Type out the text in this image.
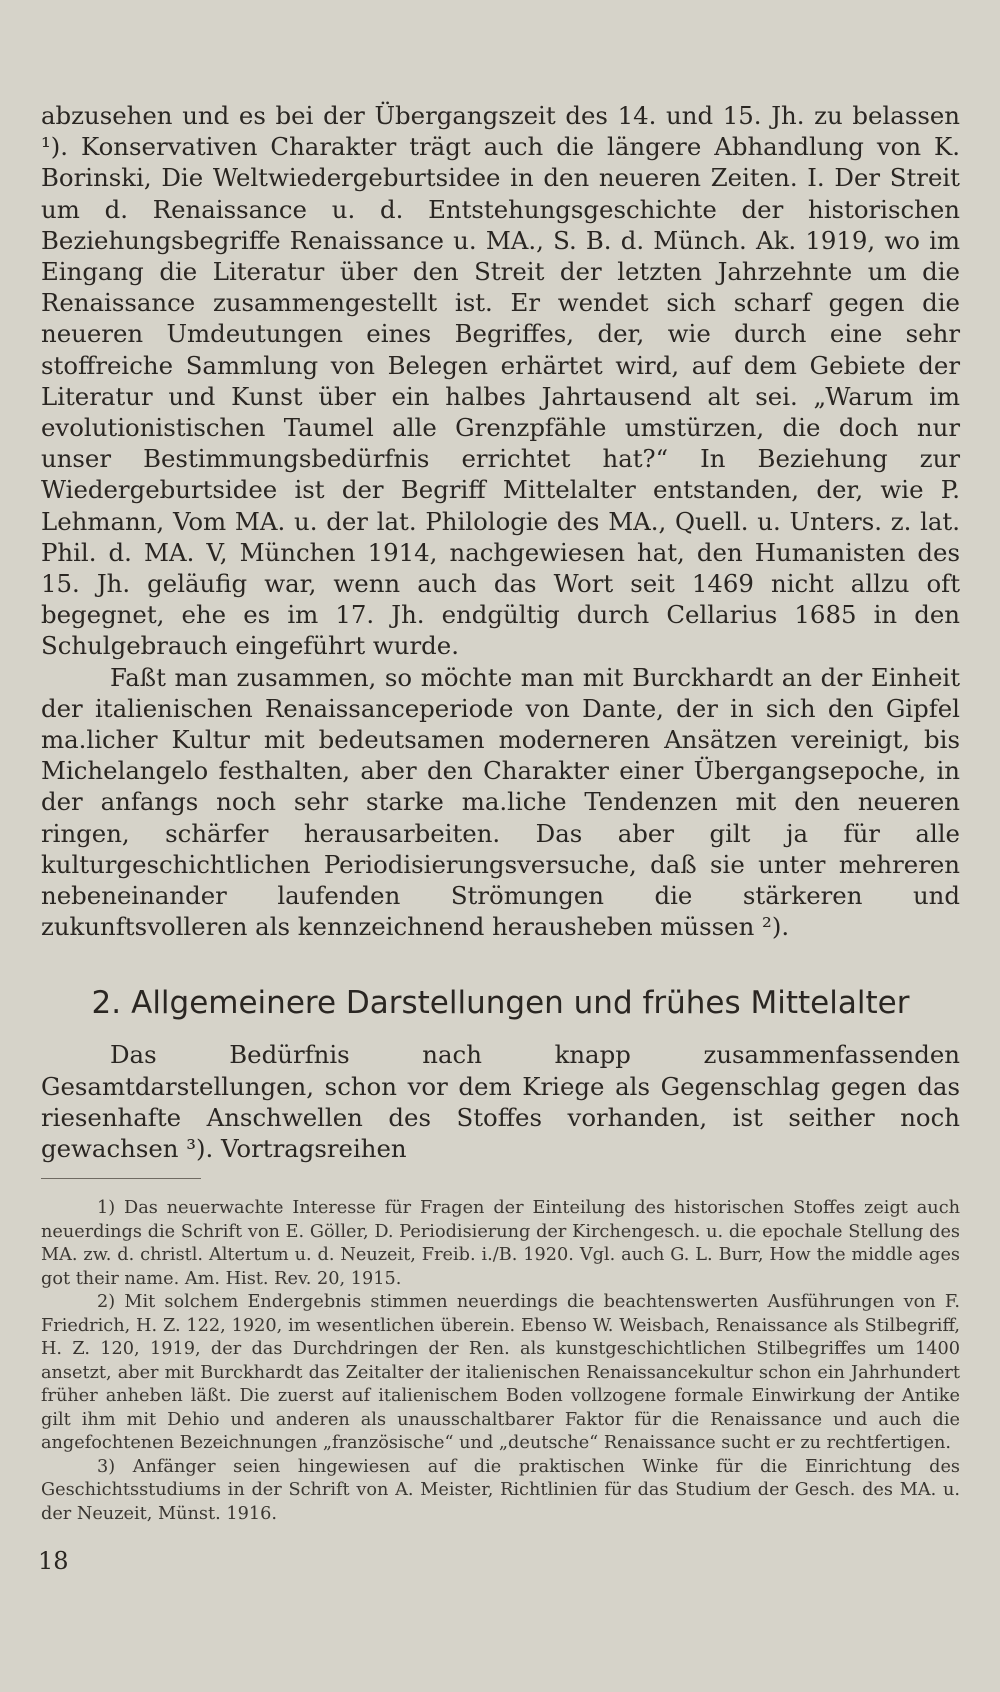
abzusehen und es bei der Übergangszeit des 14. und 15. Jh. zu belassen ¹). Konservativen Charakter trägt auch die längere Abhandlung von K. Borinski, Die Weltwiedergeburtsidee in den neueren Zeiten. I. Der Streit um d. Renaissance u. d. Entstehungsgeschichte der historischen Beziehungsbegriffe Renaissance u. MA., S. B. d. Münch. Ak. 1919, wo im Eingang die Literatur über den Streit der letzten Jahrzehnte um die Renaissance zusammengestellt ist. Er wendet sich scharf gegen die neueren Umdeutungen eines Begriffes, der, wie durch eine sehr stoffreiche Sammlung von Belegen erhärtet wird, auf dem Gebiete der Literatur und Kunst über ein halbes Jahrtausend alt sei. „Warum im evolutionistischen Taumel alle Grenzpfähle umstürzen, die doch nur unser Bestimmungsbedürfnis errichtet hat?“ In Beziehung zur Wiedergeburtsidee ist der Begriff Mittelalter entstanden, der, wie P. Lehmann, Vom MA. u. der lat. Philologie des MA., Quell. u. Unters. z. lat. Phil. d. MA. V, München 1914, nachgewiesen hat, den Humanisten des 15. Jh. geläufig war, wenn auch das Wort seit 1469 nicht allzu oft begegnet, ehe es im 17. Jh. endgültig durch Cellarius 1685 in den Schulgebrauch eingeführt wurde.

Faßt man zusammen, so möchte man mit Burckhardt an der Einheit der italienischen Renaissanceperiode von Dante, der in sich den Gipfel ma.licher Kultur mit bedeutsamen moderneren Ansätzen vereinigt, bis Michelangelo festhalten, aber den Charakter einer Übergangsepoche, in der anfangs noch sehr starke ma.liche Tendenzen mit den neueren ringen, schärfer herausarbeiten. Das aber gilt ja für alle kulturgeschichtlichen Periodisierungsversuche, daß sie unter mehreren nebeneinander laufenden Strömungen die stärkeren und zukunftsvolleren als kennzeichnend herausheben müssen ²).

2. Allgemeinere Darstellungen und frühes Mittelalter

Das Bedürfnis nach knapp zusammenfassenden Gesamtdarstellungen, schon vor dem Kriege als Gegenschlag gegen das riesenhafte Anschwellen des Stoffes vorhanden, ist seither noch gewachsen ³). Vortragsreihen

1) Das neuerwachte Interesse für Fragen der Einteilung des historischen Stoffes zeigt auch neuerdings die Schrift von E. Göller, D. Periodisierung der Kirchengesch. u. die epochale Stellung des MA. zw. d. christl. Altertum u. d. Neuzeit, Freib. i./B. 1920. Vgl. auch G. L. Burr, How the middle ages got their name. Am. Hist. Rev. 20, 1915.

2) Mit solchem Endergebnis stimmen neuerdings die beachtenswerten Ausführungen von F. Friedrich, H. Z. 122, 1920, im wesentlichen überein. Ebenso W. Weisbach, Renaissance als Stilbegriff, H. Z. 120, 1919, der das Durchdringen der Ren. als kunstgeschichtlichen Stilbegriffes um 1400 ansetzt, aber mit Burckhardt das Zeitalter der italienischen Renaissancekultur schon ein Jahrhundert früher anheben läßt. Die zuerst auf italienischem Boden vollzogene formale Einwirkung der Antike gilt ihm mit Dehio und anderen als unausschaltbarer Faktor für die Renaissance und auch die angefochtenen Bezeichnungen „französische“ und „deutsche“ Renaissance sucht er zu rechtfertigen.

3) Anfänger seien hingewiesen auf die praktischen Winke für die Einrichtung des Geschichtsstudiums in der Schrift von A. Meister, Richtlinien für das Studium der Gesch. des MA. u. der Neuzeit, Münst. 1916.

18
